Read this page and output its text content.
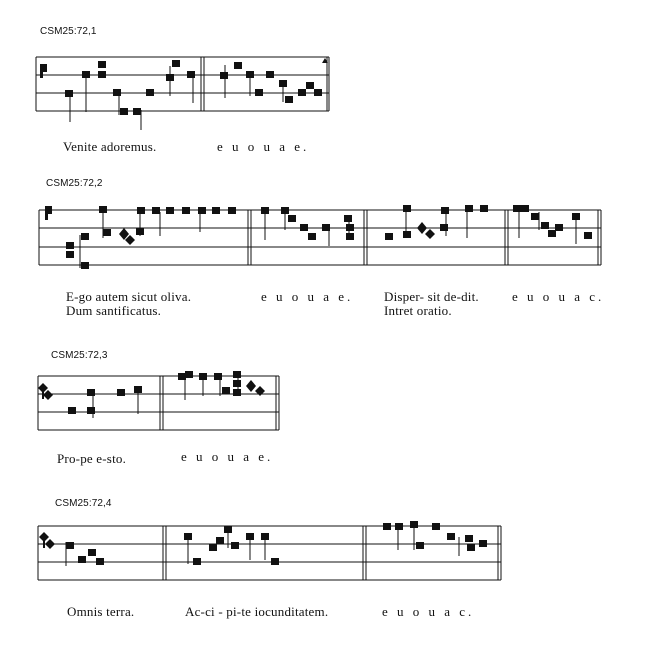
CSM25:72,1
Venite adoremus.	e u o u a e.
CSM25:72,2
E-go autem sicut oliva.
Dum santificatus.
e u o u a e. Disper- sit de-dit.
Intret oratio.
e u o u a c.
CSM25:72,3
Pro-pe e-sto.	e u o u a e.
CSM25:72,4
Omnis terra.	Ac-ci - pi-te iocunditatem.	e u o u a c.
